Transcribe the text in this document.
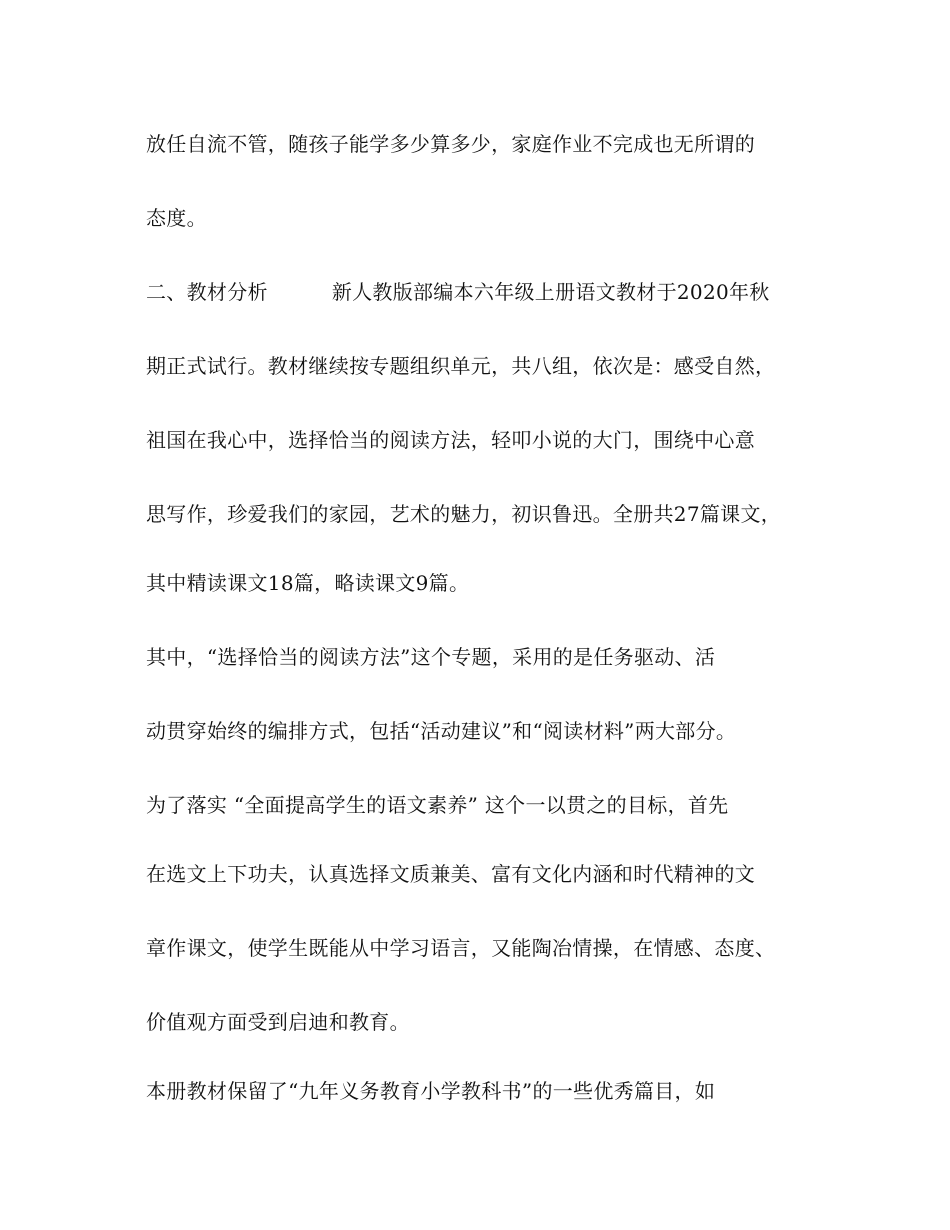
放任自流不管，随孩子能学多少算多少，家庭作业不完成也无所谓的

态度。

二、教材分析	新人教版部编本六年级上册语文教材于2020年秋

期正式试行。教材继续按专题组织单元，共八组，依次是：感受自然，

祖国在我心中，选择恰当的阅读方法，轻叩小说的大门，围绕中心意

思写作，珍爱我们的家园，艺术的魅力，初识鲁迅。全册共27篇课文，

其中精读课文18篇，略读课文9篇。

其中，“选择恰当的阅读方法”这个专题，采用的是任务驱动、活

动贯穿始终的编排方式，包括“活动建议”和“阅读材料”两大部分。

为了落实 “全面提高学生的语文素养” 这个一以贯之的目标，首先

在选文上下功夫，认真选择文质兼美、富有文化内涵和时代精神的文

章作课文，使学生既能从中学习语言，又能陶冶情操，在情感、态度、

价值观方面受到启迪和教育。

本册教材保留了“九年义务教育小学教科书”的一些优秀篇目，如
